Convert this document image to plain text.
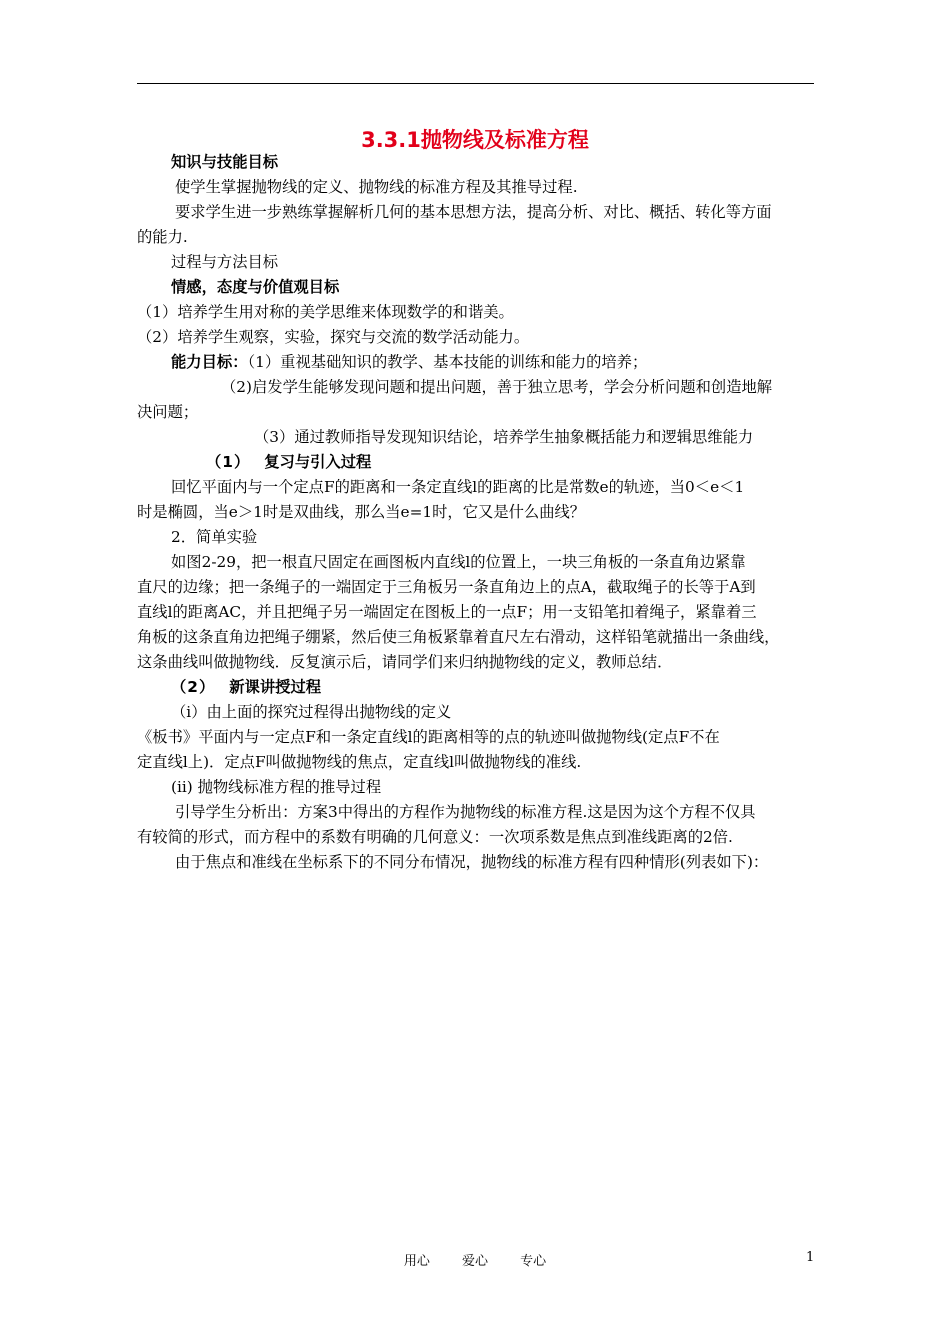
3.3.1抛物线及标准方程

知识与技能目标

使学生掌握抛物线的定义、抛物线的标准方程及其推导过程.

要求学生进一步熟练掌握解析几何的基本思想方法，提高分析、对比、概括、转化等方面

的能力.

过程与方法目标

情感，态度与价值观目标

（1）培养学生用对称的美学思维来体现数学的和谐美。

（2）培养学生观察，实验，探究与交流的数学活动能力。

能力目标：（1）重视基础知识的教学、基本技能的训练和能力的培养；

（2)启发学生能够发现问题和提出问题，善于独立思考，学会分析问题和创造地解

决问题；

（3）通过教师指导发现知识结论，培养学生抽象概括能力和逻辑思维能力

（1） 复习与引入过程

回忆平面内与一个定点F的距离和一条定直线l的距离的比是常数e的轨迹，当0＜e＜1

时是椭圆，当e＞1时是双曲线，那么当e=1时，它又是什么曲线？

2．简单实验

如图2-29，把一根直尺固定在画图板内直线l的位置上，一块三角板的一条直角边紧靠

直尺的边缘；把一条绳子的一端固定于三角板另一条直角边上的点A，截取绳子的长等于A到

直线l的距离AC，并且把绳子另一端固定在图板上的一点F；用一支铅笔扣着绳子，紧靠着三

角板的这条直角边把绳子绷紧，然后使三角板紧靠着直尺左右滑动，这样铅笔就描出一条曲线，

这条曲线叫做抛物线．反复演示后，请同学们来归纳抛物线的定义，教师总结．

（2） 新课讲授过程

（i）由上面的探究过程得出抛物线的定义

《板书》平面内与一定点F和一条定直线l的距离相等的点的轨迹叫做抛物线(定点F不在

定直线l上)．定点F叫做抛物线的焦点，定直线l叫做抛物线的准线.

(ii) 抛物线标准方程的推导过程

引导学生分析出：方案3中得出的方程作为抛物线的标准方程.这是因为这个方程不仅具

有较简的形式，而方程中的系数有明确的几何意义：一次项系数是焦点到准线距离的2倍.

由于焦点和准线在坐标系下的不同分布情况，抛物线的标准方程有四种情形(列表如下)：

用心 爱心 专心	1
